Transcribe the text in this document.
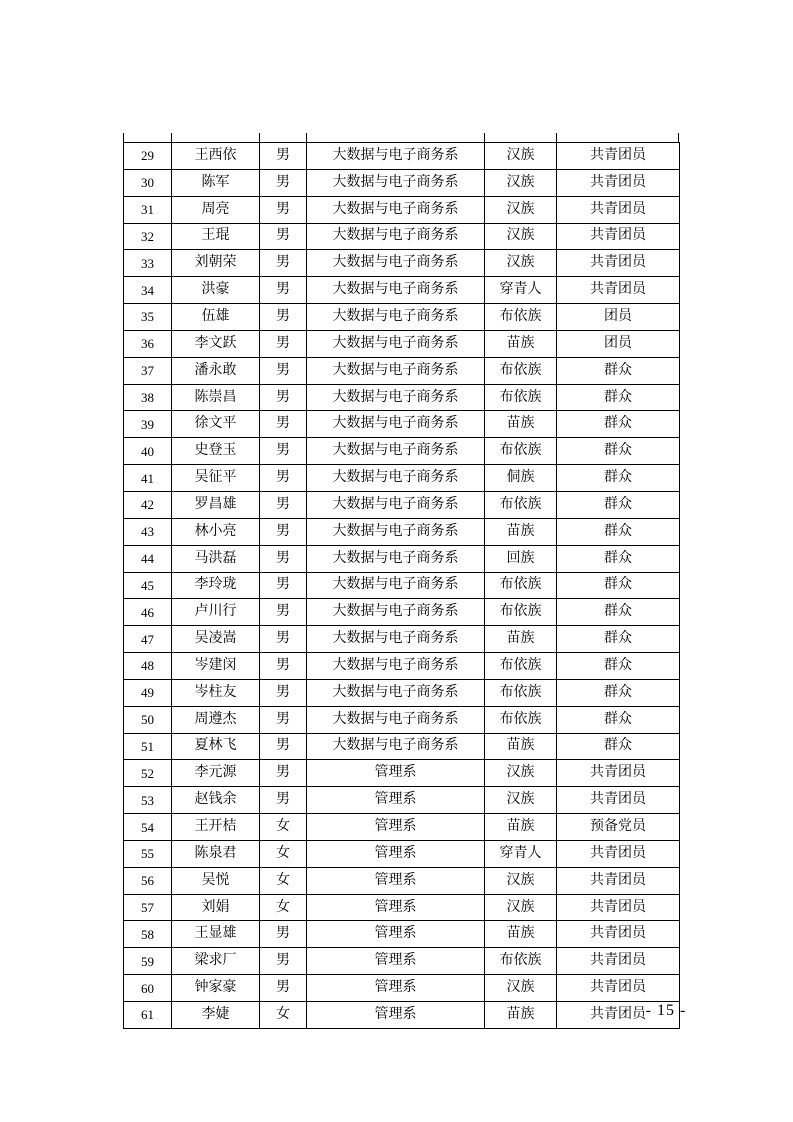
29	王西依	男	大数据与电子商务系	汉族	共青团员
30	陈军	男	大数据与电子商务系	汉族	共青团员
31	周亮	男	大数据与电子商务系	汉族	共青团员
32	王琨	男	大数据与电子商务系	汉族	共青团员
33	刘朝荣	男	大数据与电子商务系	汉族	共青团员
34	洪豪	男	大数据与电子商务系	穿青人	共青团员
35	伍雄	男	大数据与电子商务系	布依族	团员
36	李文跃	男	大数据与电子商务系	苗族	团员
37	潘永敢	男	大数据与电子商务系	布依族	群众
38	陈崇昌	男	大数据与电子商务系	布依族	群众
39	徐文平	男	大数据与电子商务系	苗族	群众
40	史登玉	男	大数据与电子商务系	布依族	群众
41	吴征平	男	大数据与电子商务系	侗族	群众
42	罗昌雄	男	大数据与电子商务系	布依族	群众
43	林小亮	男	大数据与电子商务系	苗族	群众
44	马洪磊	男	大数据与电子商务系	回族	群众
45	李玲珑	男	大数据与电子商务系	布依族	群众
46	卢川行	男	大数据与电子商务系	布依族	群众
47	吴凌嵩	男	大数据与电子商务系	苗族	群众
48	岑建闵	男	大数据与电子商务系	布依族	群众
49	岑柱友	男	大数据与电子商务系	布依族	群众
50	周遵杰	男	大数据与电子商务系	布依族	群众
51	夏林飞	男	大数据与电子商务系	苗族	群众
52	李元源	男	管理系	汉族	共青团员
53	赵钱余	男	管理系	汉族	共青团员
54	王开桔	女	管理系	苗族	预备党员
55	陈泉君	女	管理系	穿青人	共青团员
56	吴悦	女	管理系	汉族	共青团员
57	刘娟	女	管理系	汉族	共青团员
58	王显雄	男	管理系	苗族	共青团员
59	梁求厂	男	管理系	布依族	共青团员
60	钟家豪	男	管理系	汉族	共青团员
61	李婕	女	管理系	苗族	共青团员 - 15 -
